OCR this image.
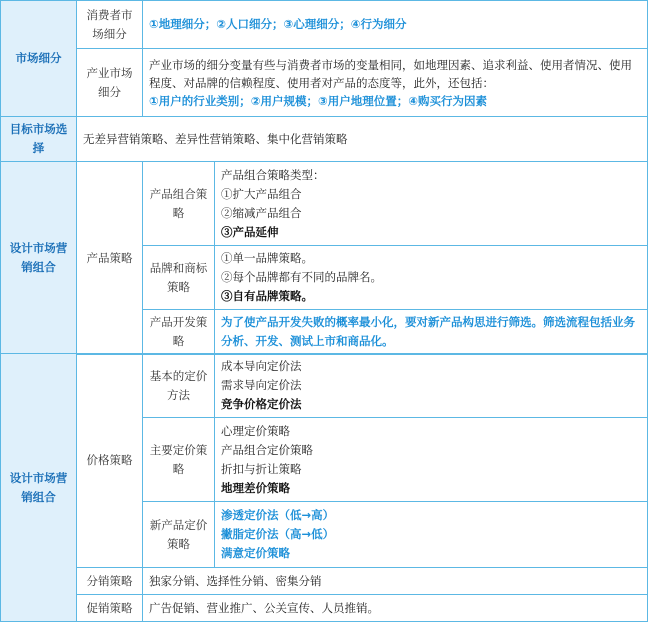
市场细分	消费者市场细分	①地理细分；②人口细分；③心理细分；④行为细分	
	产业市场细分	产业市场的细分变量有些与消费者市场的变量相同，如地理因素、追求利益、使用者情况、使用程度、对品牌的信赖程度、使用者对产品的态度等，此外，还包括：
①用户的行业类别；②用户规模；③用户地理位置；④购买行为因素	
目标市场选择	无差异营销策略、差异性营销策略、集中化营销策略		
设计市场营销组合	产品策略	产品组合策略	产品组合策略类型：
①扩大产品组合
②缩减产品组合
③产品延伸

		品牌和商标策略	①单一品牌策略。
②每个品牌都有不同的品牌名。
③自有品牌策略。

		产品开发策略	为了使产品开发失败的概率最小化，要对新产品构思进行筛选。筛选流程包括业务分析、开发、测试上市和商品化。
设计市场营销组合	价格策略	基本的定价方法	成本导向定价法
需求导向定价法
竞争价格定价法

		主要定价策略	心理定价策略
产品组合定价策略
折扣与折让策略
地理差价策略

		新产品定价策略	渗透定价法（低→高）
撇脂定价法（高→低）
满意定价策略

	分销策略	独家分销、选择性分销、密集分销	
	促销策略	广告促销、营业推广、公关宣传、人员推销。	
